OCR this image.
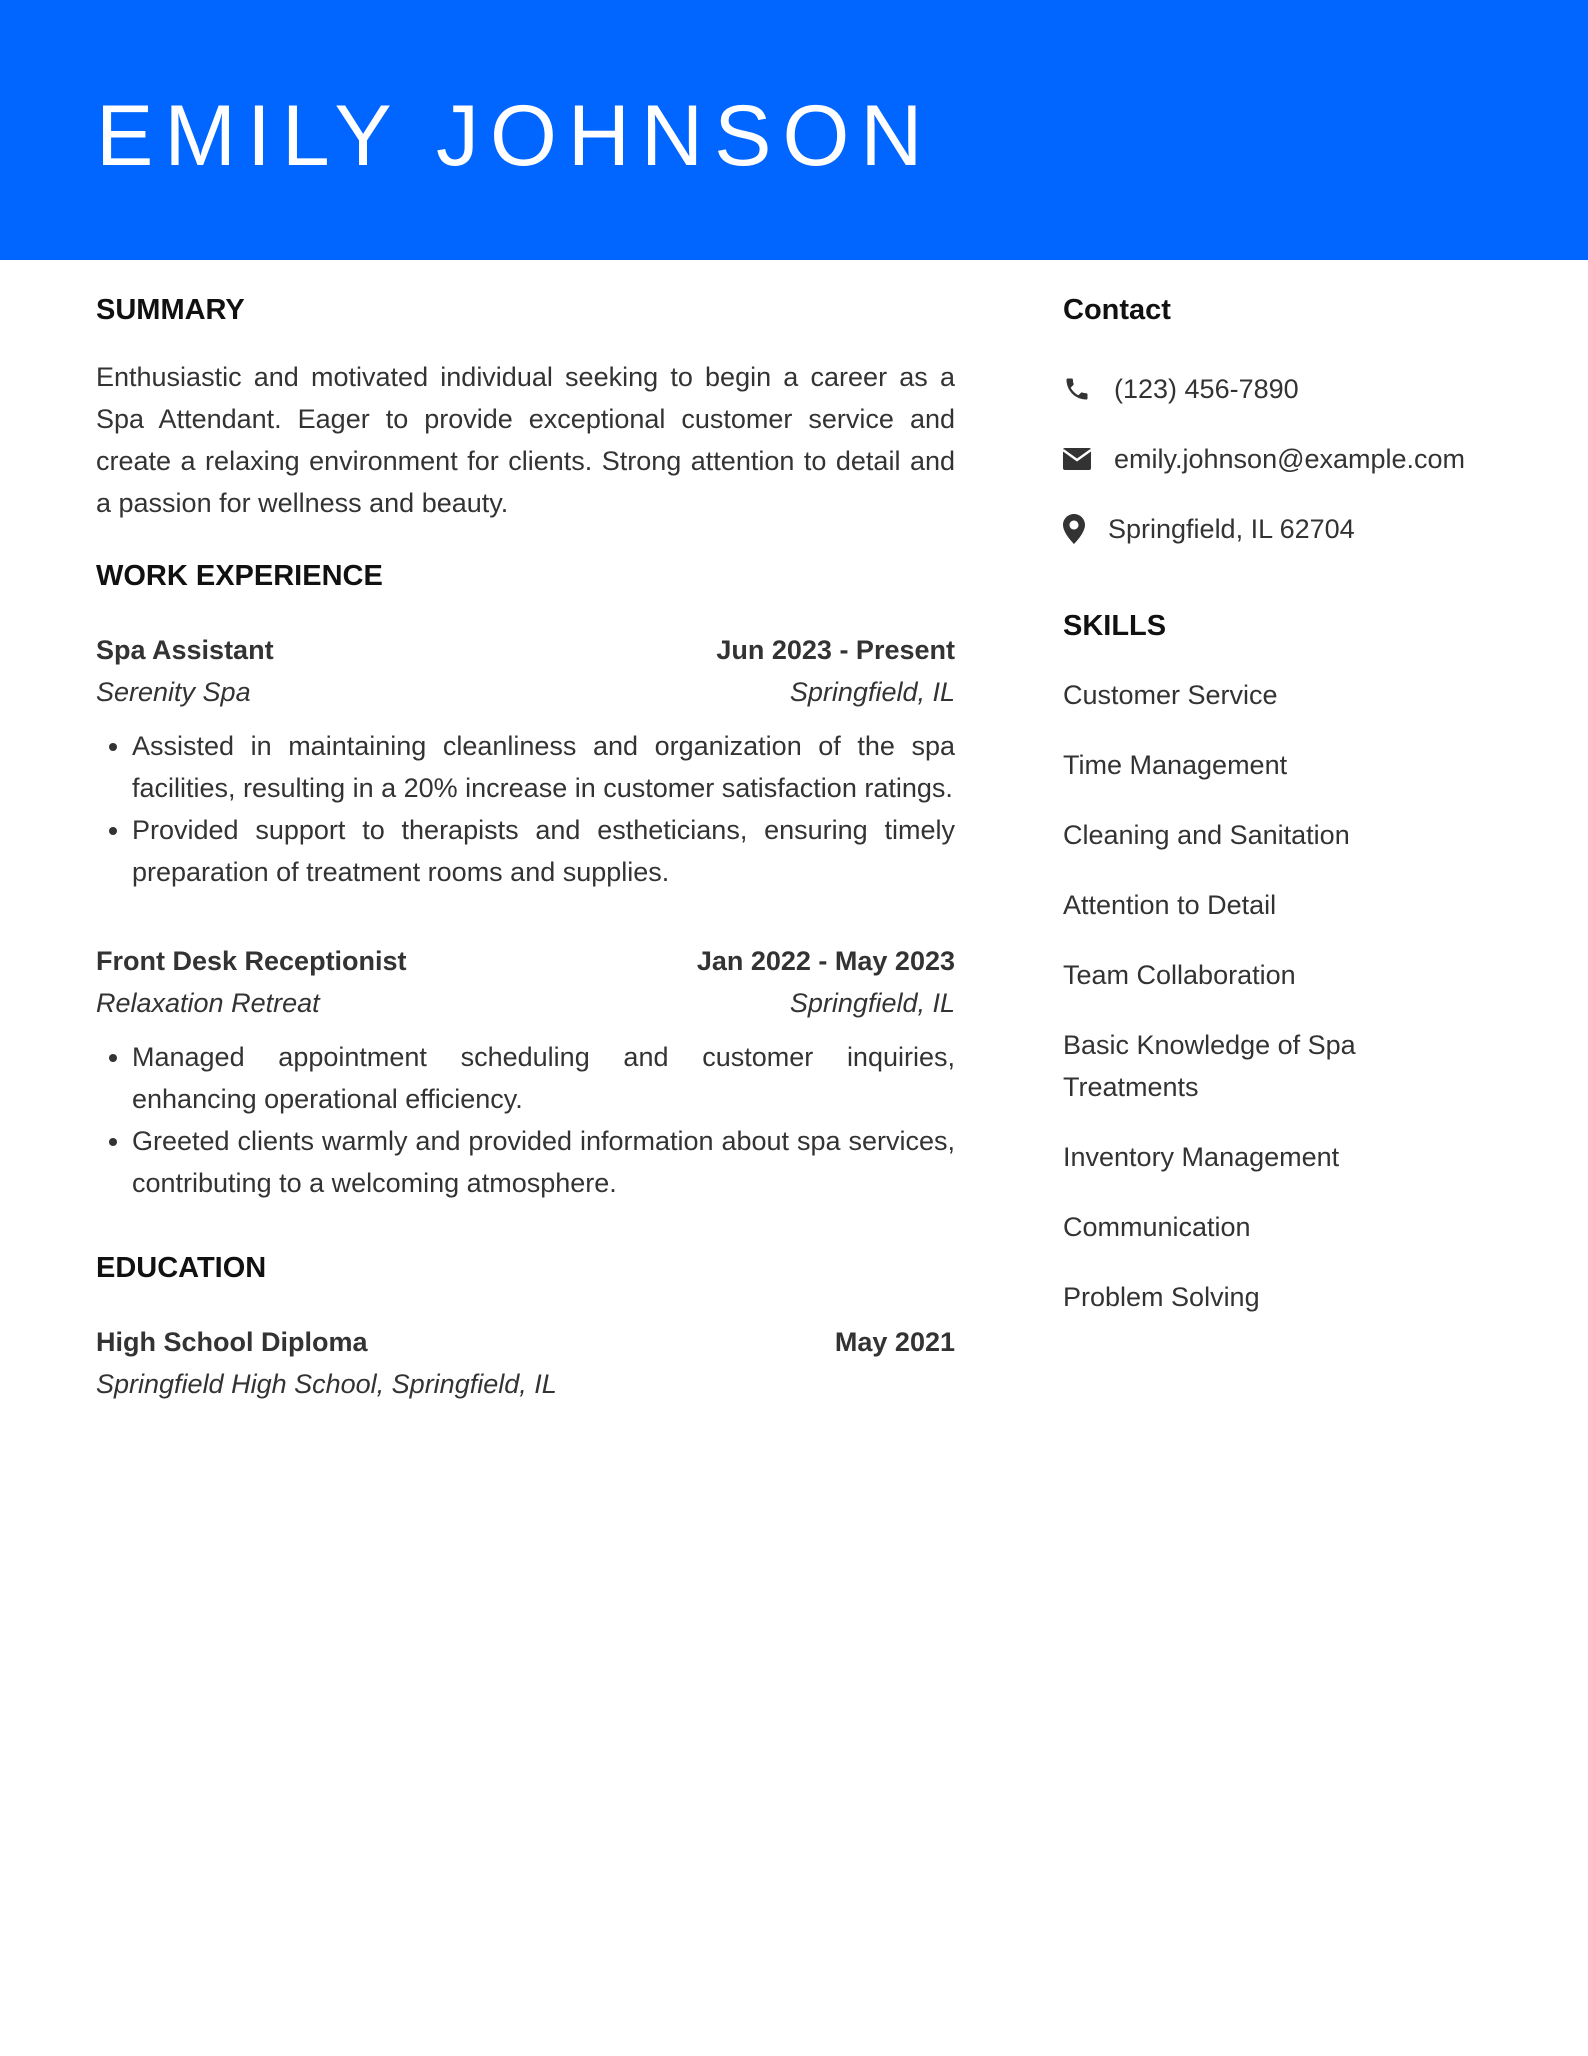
EMILY JOHNSON
SUMMARY

Enthusiastic and motivated individual seeking to begin a career as a Spa Attendant. Eager to provide exceptional customer service and create a relaxing environment for clients. Strong attention to detail and a passion for wellness and beauty.

WORK EXPERIENCE
Spa Assistant	Jun 2023 - Present
Serenity Spa	Springfield, IL
• Assisted in maintaining cleanliness and organization of the spa facilities, resulting in a 20% increase in customer satisfaction ratings.
• Provided support to therapists and estheticians, ensuring timely preparation of treatment rooms and supplies.
Front Desk Receptionist	Jan 2022 - May 2023
Relaxation Retreat	Springfield, IL
• Managed appointment scheduling and customer inquiries, enhancing operational efficiency.
• Greeted clients warmly and provided information about spa services, contributing to a welcoming atmosphere.
EDUCATION
High School Diploma	May 2021
Springfield High School, Springfield, IL
Contact
(123) 456-7890
emily.johnson@example.com
Springfield, IL 62704
SKILLS
Customer Service
Time Management
Cleaning and Sanitation
Attention to Detail
Team Collaboration
Basic Knowledge of Spa Treatments
Inventory Management
Communication
Problem Solving
